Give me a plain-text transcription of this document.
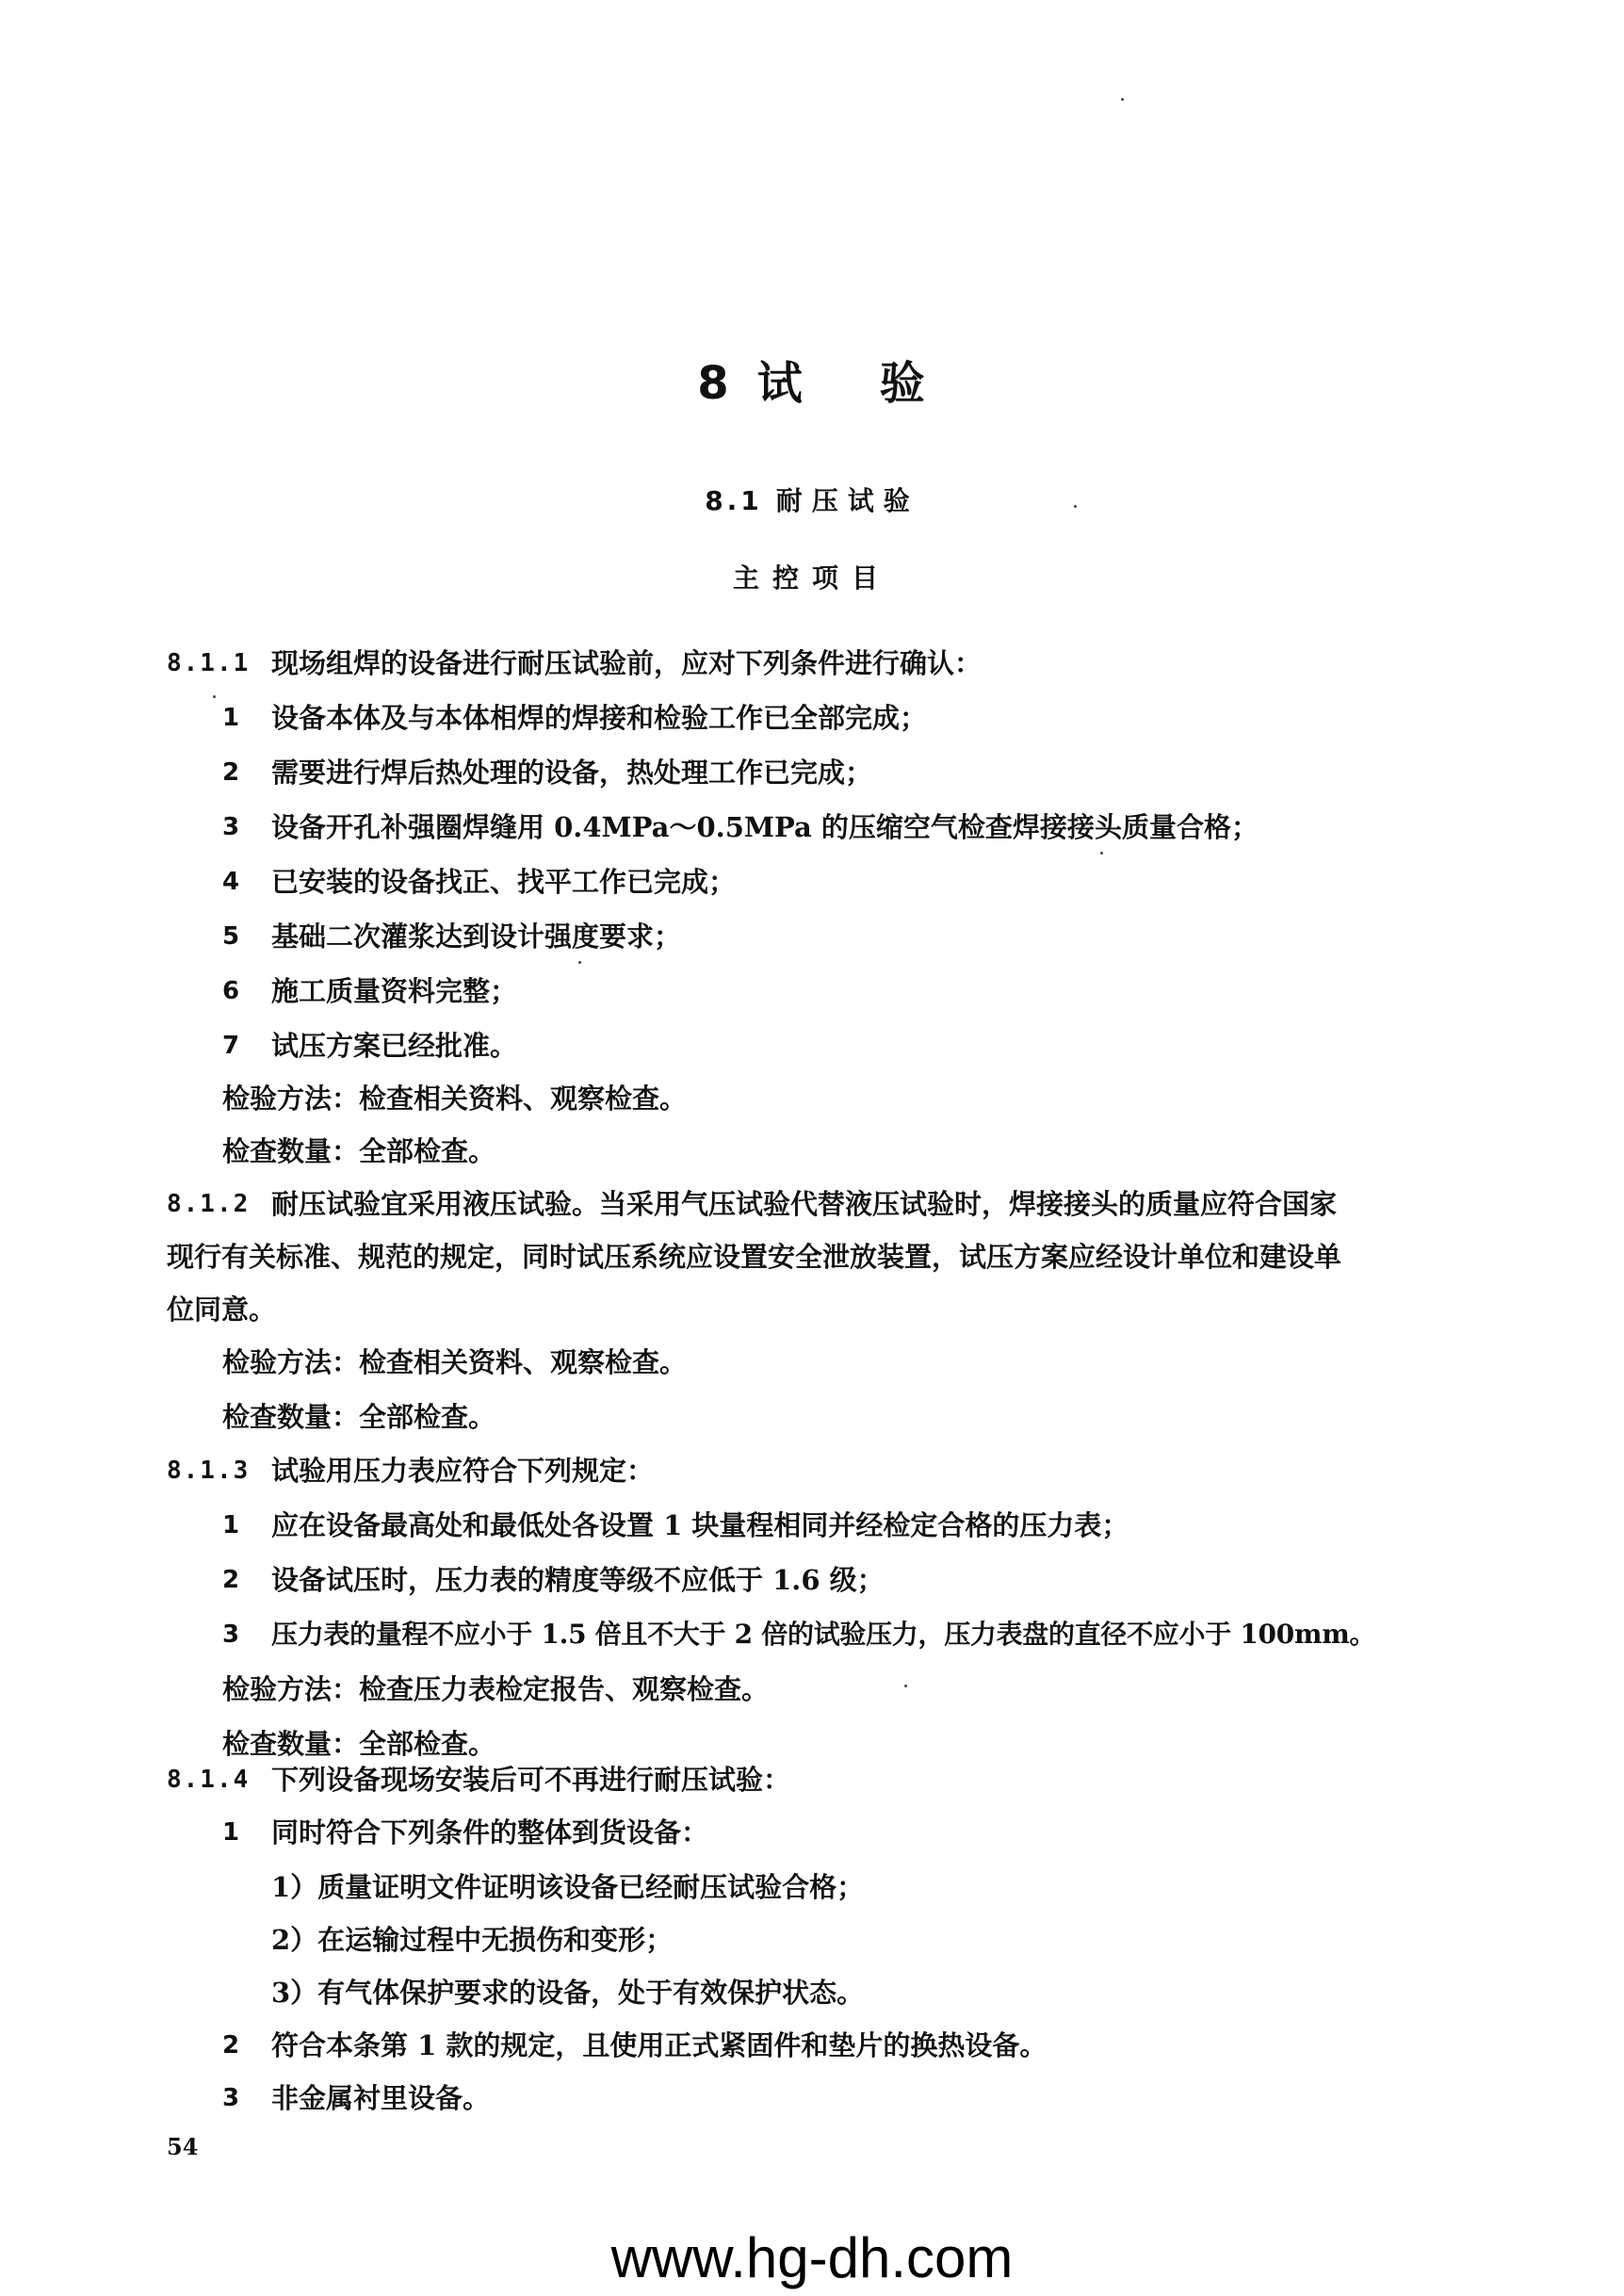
8 试 验
8.1 耐压试验
主控项目
8.1.1 现场组焊的设备进行耐压试验前，应对下列条件进行确认：
1 设备本体及与本体相焊的焊接和检验工作已全部完成；
2 需要进行焊后热处理的设备，热处理工作已完成；
3 设备开孔补强圈焊缝用 0.4MPa～0.5MPa 的压缩空气检查焊接接头质量合格；
4 已安装的设备找正、找平工作已完成；
5 基础二次灌浆达到设计强度要求；
6 施工质量资料完整；
7 试压方案已经批准。
检验方法：检查相关资料、观察检查。
检查数量：全部检查。
8.1.2 耐压试验宜采用液压试验。当采用气压试验代替液压试验时，焊接接头的质量应符合国家
现行有关标准、规范的规定，同时试压系统应设置安全泄放装置，试压方案应经设计单位和建设单
位同意。
检验方法：检查相关资料、观察检查。
检查数量：全部检查。
8.1.3 试验用压力表应符合下列规定：
1 应在设备最高处和最低处各设置 1 块量程相同并经检定合格的压力表；
2 设备试压时，压力表的精度等级不应低于 1.6 级；
3 压力表的量程不应小于 1.5 倍且不大于 2 倍的试验压力，压力表盘的直径不应小于 100mm。
检验方法：检查压力表检定报告、观察检查。
检查数量：全部检查。
8.1.4 下列设备现场安装后可不再进行耐压试验：
1 同时符合下列条件的整体到货设备：
1）质量证明文件证明该设备已经耐压试验合格；
2）在运输过程中无损伤和变形；
3）有气体保护要求的设备，处于有效保护状态。
2 符合本条第 1 款的规定，且使用正式紧固件和垫片的换热设备。
3 非金属衬里设备。
54
www.hg-dh.com
